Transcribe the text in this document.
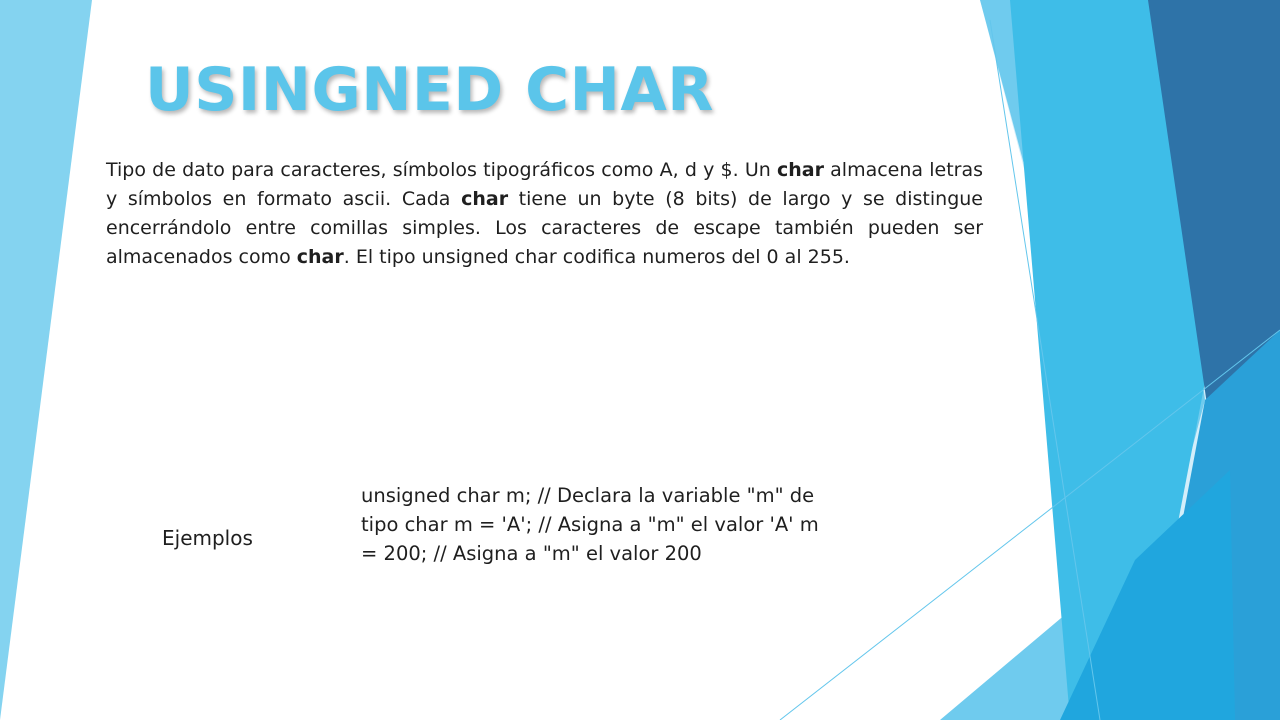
USINGNED CHAR

Tipo de dato para caracteres, símbolos tipográficos como A, d y $. Un char almacena letras y símbolos en formato ascii. Cada char tiene un byte (8 bits) de largo y se distingue encerrándolo entre comillas simples. Los caracteres de escape también pueden ser almacenados como char. El tipo unsigned char codifica numeros del 0 al 255.

Ejemplos

unsigned char m; // Declara la variable "m" de tipo char m = 'A'; // Asigna a "m" el valor 'A' m = 200; // Asigna a "m" el valor 200
